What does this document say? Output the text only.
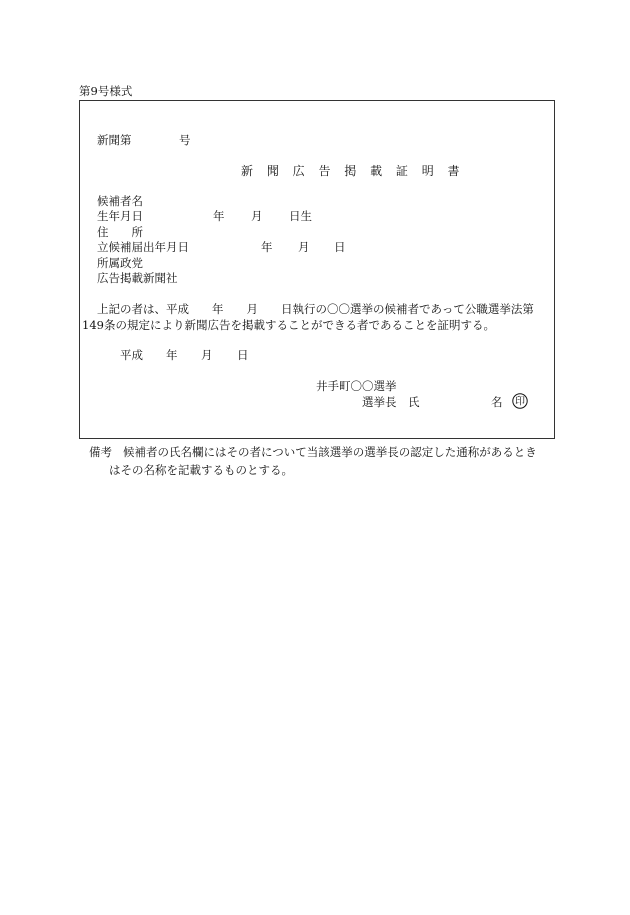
第9号様式
新聞第	号
新 聞 広 告 掲 載 証 明 書
候補者名
生年月日	年 月 日生
住　　所
立候補届出年月日	年 月 日
所属政党
広告掲載新聞社
上記の者は、平成　　年　　月　　日執行の〇〇選挙の候補者であって公職選挙法第
149条の規定により新聞広告を掲載することができる者であることを証明する。
平成 年 月 日
井手町〇〇選挙
選挙長　氏	名 印
備考 候補者の氏名欄にはその者について当該選挙の選挙長の認定した通称があるとき
はその名称を記載するものとする。
